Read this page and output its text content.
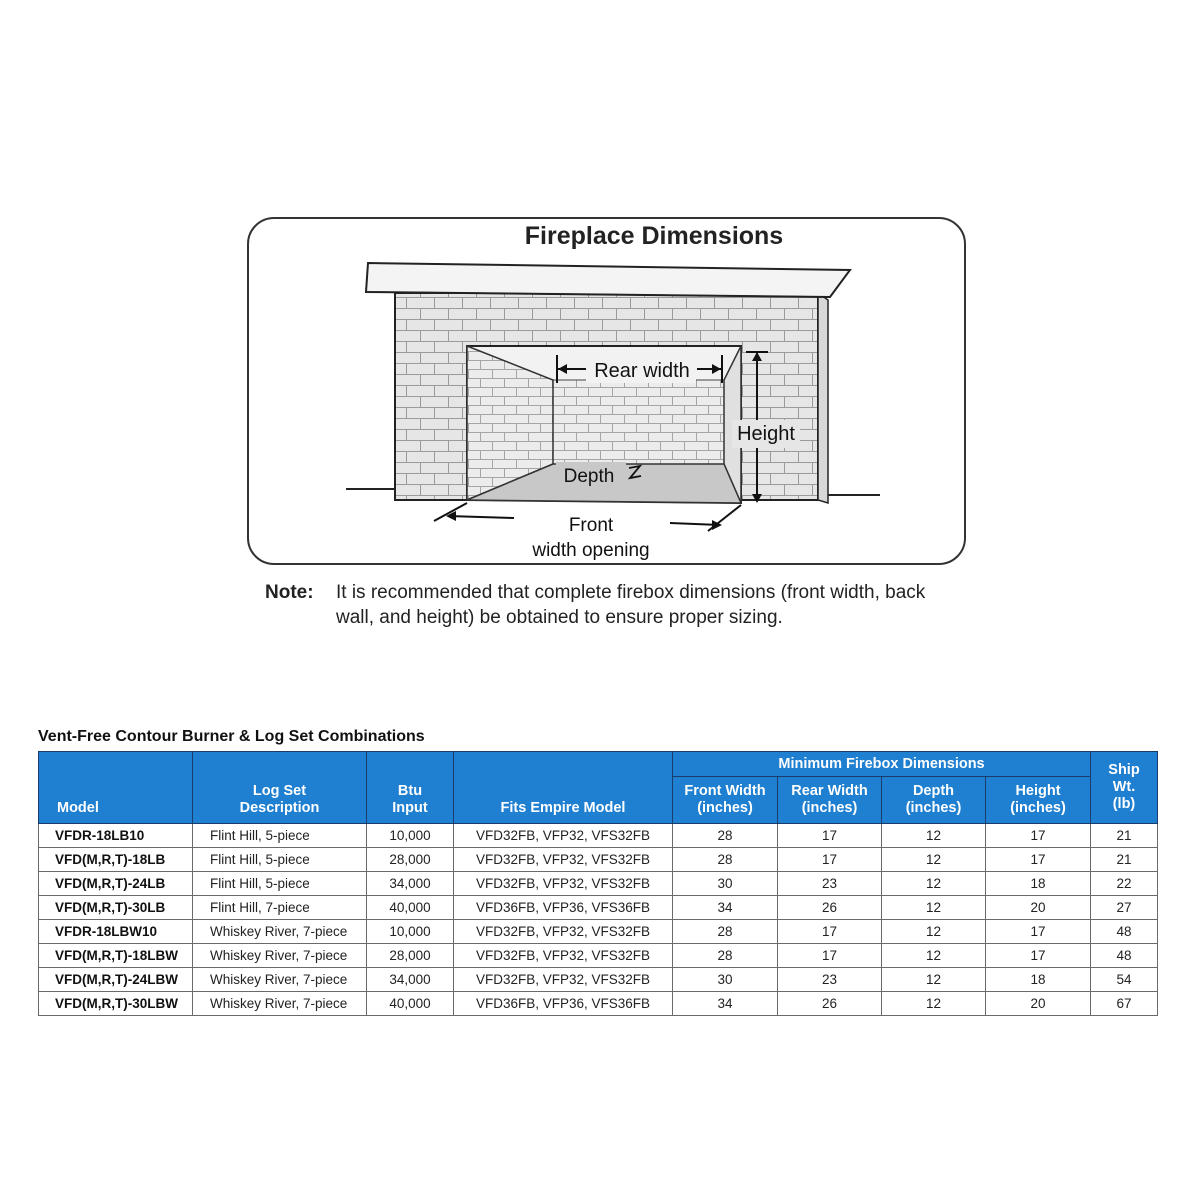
Fireplace Dimensions
Rear width
Height
Depth
Front
width opening
Note: It is recommended that complete firebox dimensions (front width, back wall, and height) be obtained to ensure proper sizing.
Vent-Free Contour Burner & Log Set Combinations
Model	Log Set Description	Btu Input	Fits Empire Model	Minimum Firebox Dimensions				Ship Wt. (lb)

				Front Width (inches)	Rear Width (inches)	Depth (inches)	Height (inches)	

VFDR-18LB10	Flint Hill, 5-piece	10,000	VFD32FB, VFP32, VFS32FB	28	17	12	17	21
VFD(M,R,T)-18LB	Flint Hill, 5-piece	28,000	VFD32FB, VFP32, VFS32FB	28	17	12	17	21
VFD(M,R,T)-24LB	Flint Hill, 5-piece	34,000	VFD32FB, VFP32, VFS32FB	30	23	12	18	22
VFD(M,R,T)-30LB	Flint Hill, 7-piece	40,000	VFD36FB, VFP36, VFS36FB	34	26	12	20	27
VFDR-18LBW10	Whiskey River, 7-piece	10,000	VFD32FB, VFP32, VFS32FB	28	17	12	17	48
VFD(M,R,T)-18LBW	Whiskey River, 7-piece	28,000	VFD32FB, VFP32, VFS32FB	28	17	12	17	48
VFD(M,R,T)-24LBW	Whiskey River, 7-piece	34,000	VFD32FB, VFP32, VFS32FB	30	23	12	18	54
VFD(M,R,T)-30LBW	Whiskey River, 7-piece	40,000	VFD36FB, VFP36, VFS36FB	34	26	12	20	67
